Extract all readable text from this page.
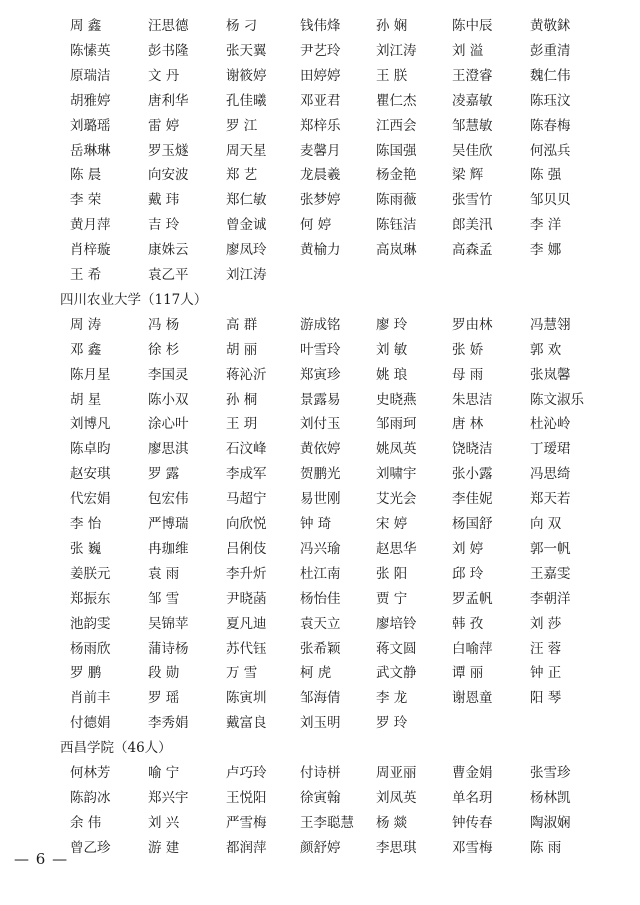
周 鑫	汪思德	杨 刁	钱伟烽	孙 娴	陈中辰	黄敬鉥
陈愫英	彭书隆	张天翼	尹艺玲	刘江涛	刘 溢	彭重清
原瑞洁	文 丹	谢筱婷	田婷婷	王 朕	王澄睿	魏仁伟
胡雅婷	唐利华	孔佳曦	邓亚君	瞿仁杰	凌嘉敏	陈珏汶
刘璐瑶	雷 婷	罗 江	郑梓乐	江西会	邹慧敏	陈春梅
岳琳琳	罗玉燧	周天星	麦馨月	陈国强	吴佳欣	何泓兵
陈 晨	向安波	郑 艺	龙晨羲	杨金艳	梁 辉	陈 强
李 荣	戴 玮	郑仁敏	张梦婷	陈雨薇	张雪竹	邹贝贝
黄月萍	吉 玲	曾金诚	何 婷	陈钰洁	郎美汛	李 洋
肖梓璇	康姝云	廖凤玲	黄榆力	高岚琳	高森孟	李 娜
王 希	袁乙平	刘江涛
四川农业大学（117人）
周 涛	冯 杨	高 群	游成铭	廖 玲	罗由林	冯慧翎
邓 鑫	徐 杉	胡 丽	叶雪玲	刘 敏	张 娇	郭 欢
陈月星	李国灵	蒋沁沂	郑寅珍	姚 琅	母 雨	张岚馨
胡 星	陈小双	孙 桐	景露易	史晓燕	朱思洁	陈文淑乐
刘博凡	涂心叶	王 玥	刘付玉	邹雨珂	唐 林	杜沁岭
陈卓昀	廖思淇	石汶峰	黄依婷	姚凤英	饶晓洁	丁瑷珺
赵安琪	罗 露	李成军	贺鹏光	刘啸宇	张小露	冯思绮
代宏娟	包宏伟	马超宁	易世刚	艾光会	李佳妮	郑天若
李 怡	严博瑞	向欣悦	钟 琦	宋 婷	杨国舒	向 双
张 巍	冉珈维	吕俐伎	冯兴瑜	赵思华	刘 婷	郭一帆
姜朕元	袁 雨	李升炘	杜江南	张 阳	邱 玲	王嘉雯
郑振东	邹 雪	尹晓菡	杨怡佳	贾 宁	罗孟帆	李朝洋
池韵雯	吴锦苹	夏凡迪	袁天立	廖培铃	韩 孜	刘 莎
杨雨欣	蒲诗杨	苏代钰	张希颖	蒋文圆	白喻萍	汪 蓉
罗 鹏	段 勋	万 雪	柯 虎	武文静	谭 丽	钟 正
肖前丰	罗 瑶	陈寅圳	邹海倩	李 龙	谢恩童	阳 琴
付德娟	李秀娟	戴富良	刘玉明	罗 玲
西昌学院（46人）
何林芳	喻 宁	卢巧玲	付诗栟	周亚丽	曹金娟	张雪珍
陈韵冰	郑兴宇	王悦阳	徐寅翰	刘凤英	单名玥	杨林凯
余 伟	刘 兴	严雪梅	王李聪慧	杨 燚	钟传春	陶淑娴
曾乙珍	游 建	都润萍	颜舒婷	李思琪	邓雪梅	陈 雨
— 6 —
